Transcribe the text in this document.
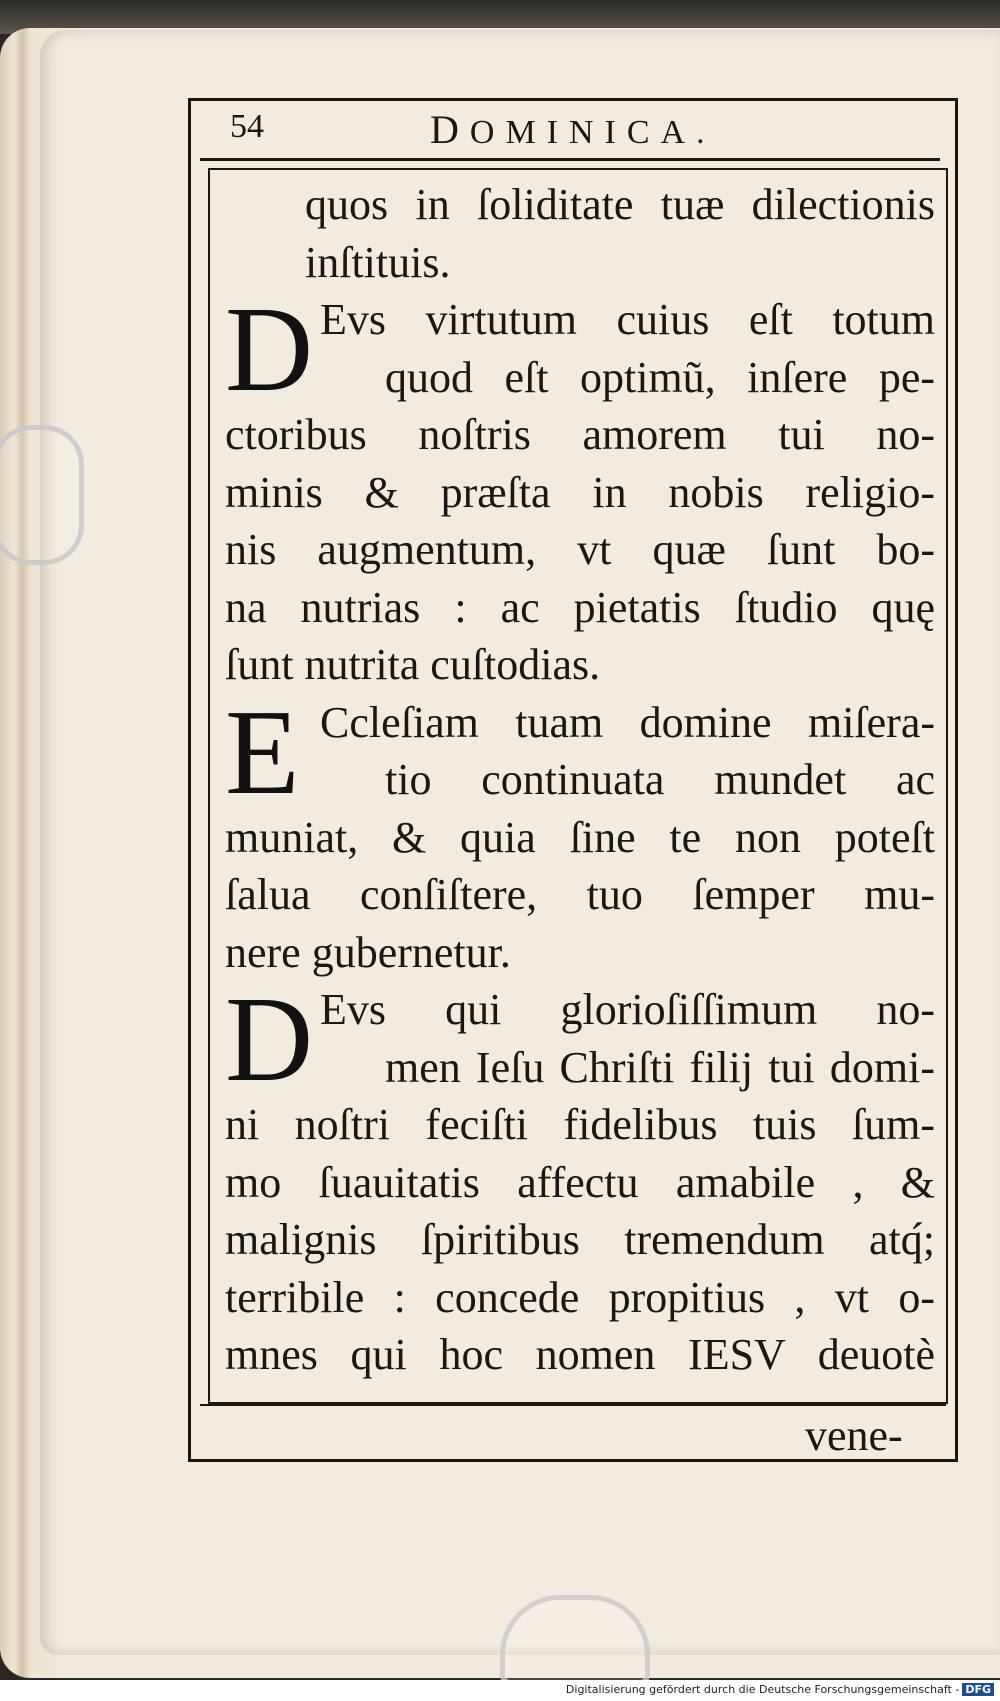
54	DOMINICA.
quos in ſoliditate tuæ dilectionis
inſtituis.
D Evs virtutum cuius eſt totum
quod eſt optimũ, inſere pe-
ctoribus noſtris amorem tui no-
minis & præſta in nobis religio-
nis augmentum, vt quæ ſunt bo-
na nutrias : ac pietatis ſtudio quę
ſunt nutrita cuſtodias.
E Ccleſiam tuam domine miſera-
tio continuata mundet ac
muniat, & quia ſine te non poteſt
ſalua conſiſtere, tuo ſemper mu-
nere gubernetur.
D Evs qui glorioſiſſimum no-
men Ieſu Chriſti filij tui domi-
ni noſtri feciſti fidelibus tuis ſum-
mo ſuauitatis affectu amabile , &
malignis ſpiritibus tremendum atq́;
terribile : concede propitius , vt o-
mnes qui hoc nomen IESV deuotè
vene-
Digitalisierung gefördert durch die Deutsche Forschungsgemeinschaft - DFG
